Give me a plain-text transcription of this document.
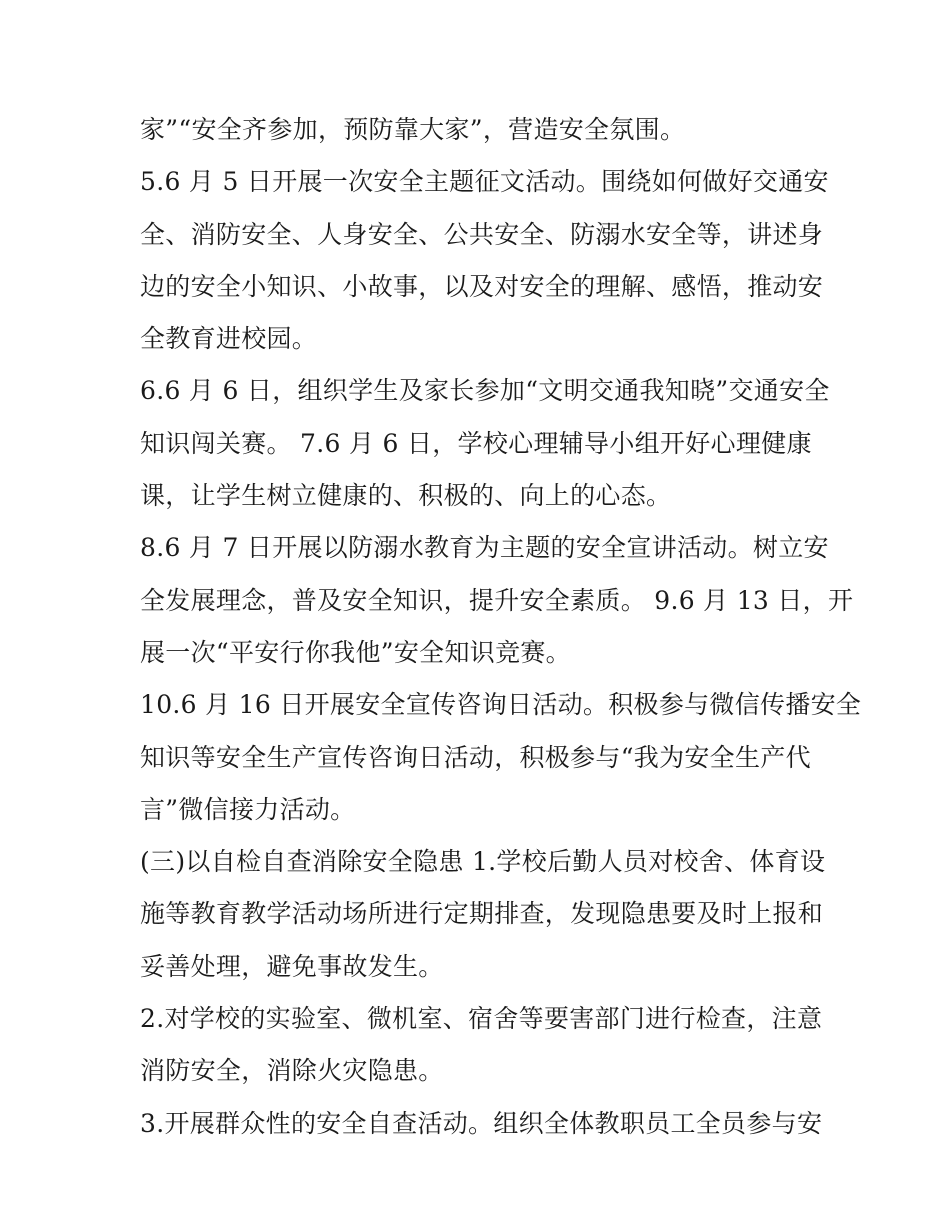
家”“安全齐参加，预防靠大家”，营造安全氛围。
5.6 月 5 日开展一次安全主题征文活动。围绕如何做好交通安
全、消防安全、人身安全、公共安全、防溺水安全等，讲述身
边的安全小知识、小故事，以及对安全的理解、感悟，推动安
全教育进校园。
6.6 月 6 日，组织学生及家长参加“文明交通我知晓”交通安全
知识闯关赛。 7.6 月 6 日，学校心理辅导小组开好心理健康
课，让学生树立健康的、积极的、向上的心态。
8.6 月 7 日开展以防溺水教育为主题的安全宣讲活动。树立安
全发展理念，普及安全知识，提升安全素质。 9.6 月 13 日，开
展一次“平安行你我他”安全知识竞赛。
10.6 月 16 日开展安全宣传咨询日活动。积极参与微信传播安全
知识等安全生产宣传咨询日活动，积极参与“我为安全生产代
言”微信接力活动。
(三)以自检自查消除安全隐患 1.学校后勤人员对校舍、体育设
施等教育教学活动场所进行定期排查，发现隐患要及时上报和
妥善处理，避免事故发生。
2.对学校的实验室、微机室、宿舍等要害部门进行检查，注意
消防安全，消除火灾隐患。
3.开展群众性的安全自查活动。组织全体教职员工全员参与安
